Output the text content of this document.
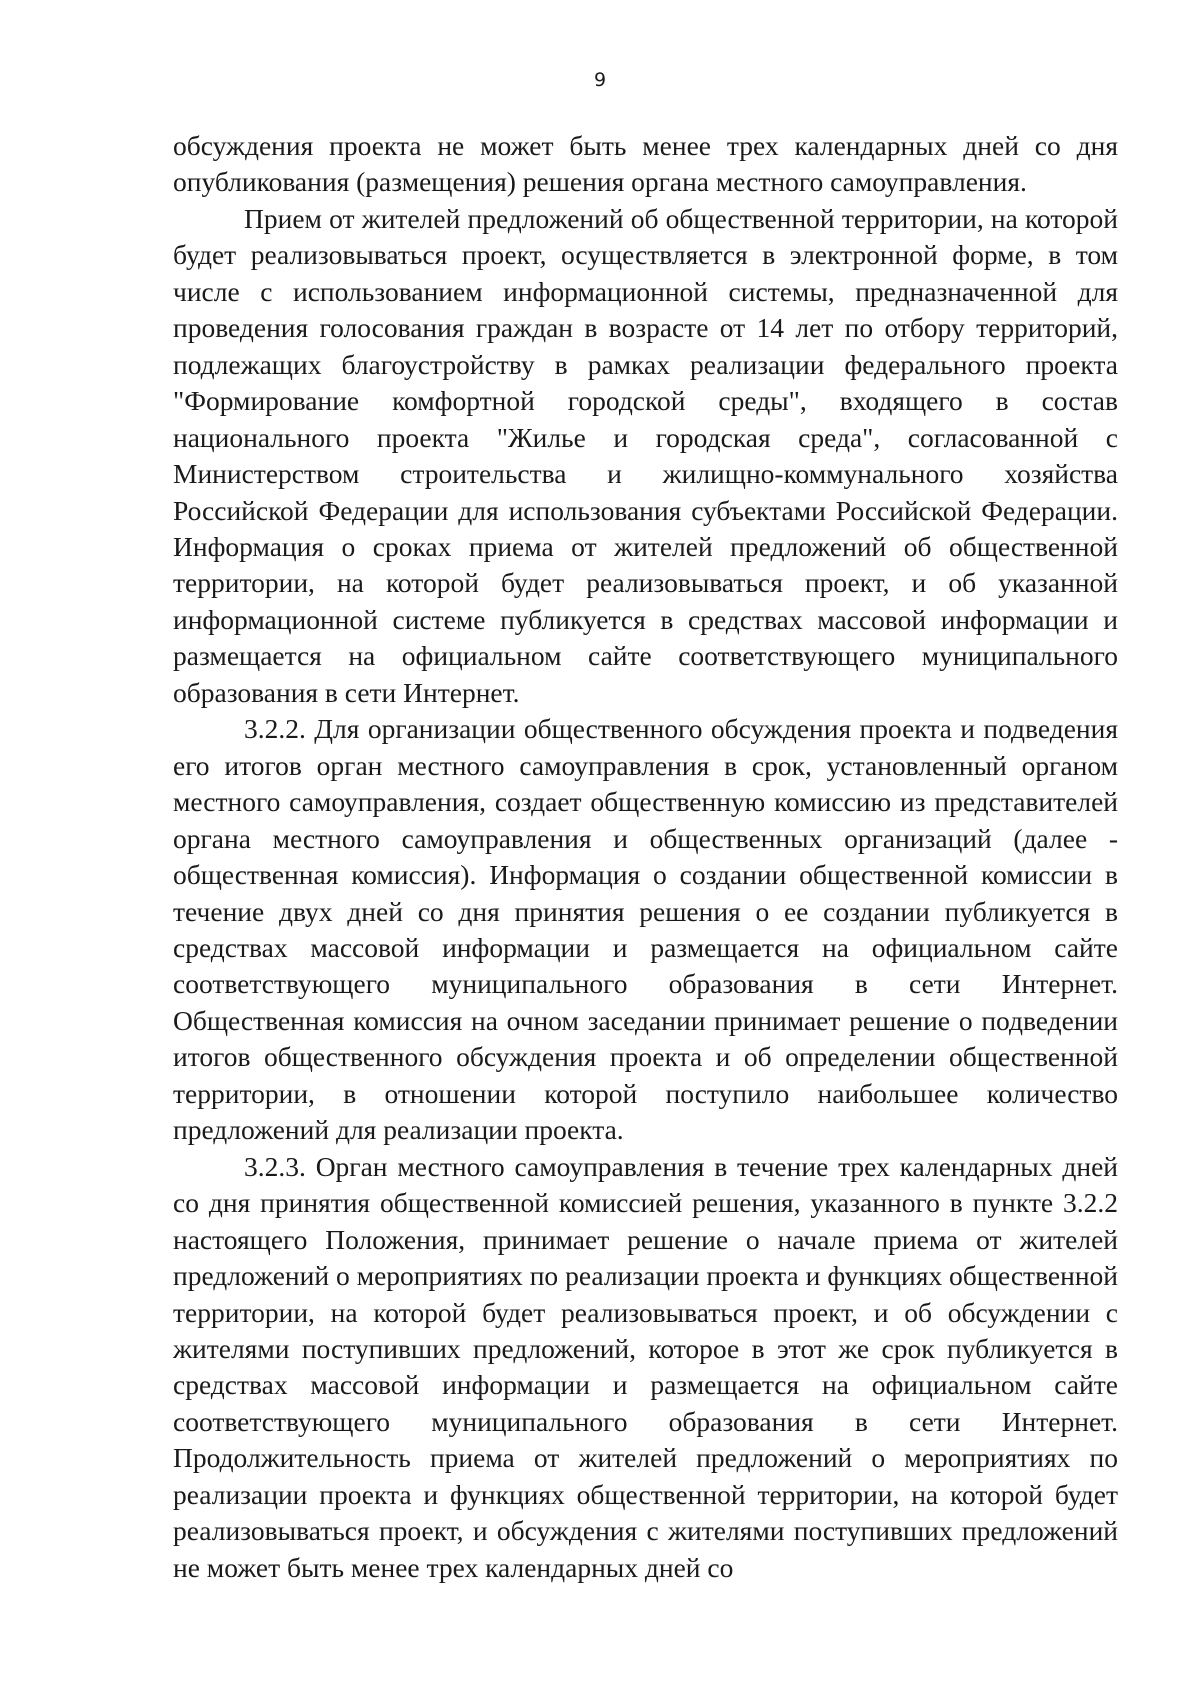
9

обсуждения проекта не может быть менее трех календарных дней со дня опубликования (размещения) решения органа местного самоуправления.

Прием от жителей предложений об общественной территории, на которой будет реализовываться проект, осуществляется в электронной форме, в том числе с использованием информационной системы, предназначенной для проведения голосования граждан в возрасте от 14 лет по отбору территорий, подлежащих благоустройству в рамках реализации федерального проекта "Формирование комфортной городской среды", входящего в состав национального проекта "Жилье и городская среда", согласованной с Министерством строительства и жилищно-коммунального хозяйства Российской Федерации для использования субъектами Российской Федерации. Информация о сроках приема от жителей предложений об общественной территории, на которой будет реализовываться проект, и об указанной информационной системе публикуется в средствах массовой информации и размещается на официальном сайте соответствующего муниципального образования в сети Интернет.

3.2.2. Для организации общественного обсуждения проекта и подведения его итогов орган местного самоуправления в срок, установленный органом местного самоуправления, создает общественную комиссию из представителей органа местного самоуправления и общественных организаций (далее - общественная комиссия). Информация о создании общественной комиссии в течение двух дней со дня принятия решения о ее создании публикуется в средствах массовой информации и размещается на официальном сайте соответствующего муниципального образования в сети Интернет. Общественная комиссия на очном заседании принимает решение о подведении итогов общественного обсуждения проекта и об определении общественной территории, в отношении которой поступило наибольшее количество предложений для реализации проекта.

3.2.3. Орган местного самоуправления в течение трех календарных дней со дня принятия общественной комиссией решения, указанного в пункте 3.2.2 настоящего Положения, принимает решение о начале приема от жителей предложений о мероприятиях по реализации проекта и функциях общественной территории, на которой будет реализовываться проект, и об обсуждении с жителями поступивших предложений, которое в этот же срок публикуется в средствах массовой информации и размещается на официальном сайте соответствующего муниципального образования в сети Интернет. Продолжительность приема от жителей предложений о мероприятиях по реализации проекта и функциях общественной территории, на которой будет реализовываться проект, и обсуждения с жителями поступивших предложений не может быть менее трех календарных дней со
